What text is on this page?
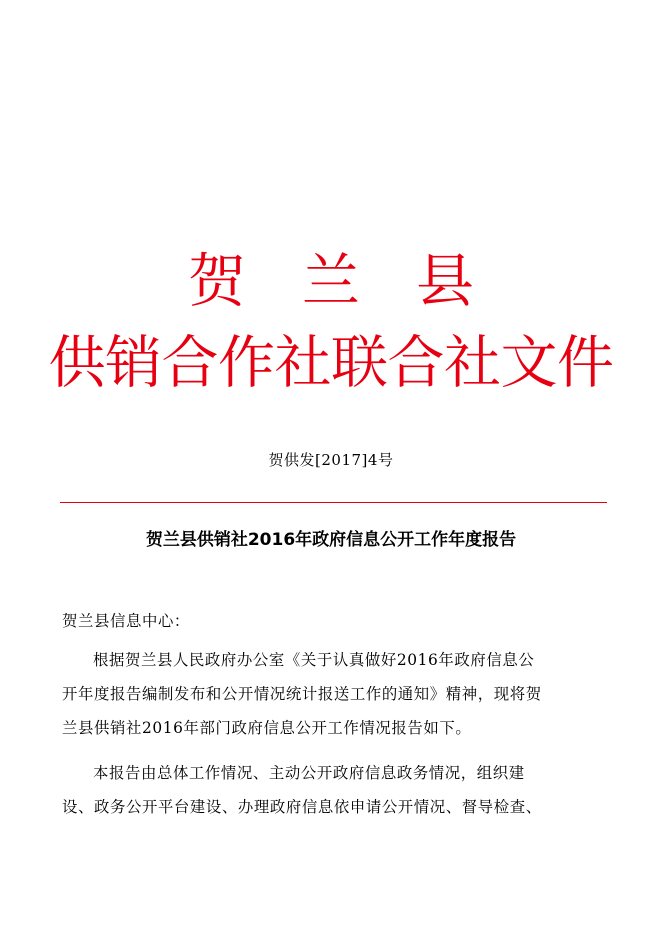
贺兰县
供销合作社联合社文件
贺供发[2017]4号
贺兰县供销社2016年政府信息公开工作年度报告
贺兰县信息中心：
根据贺兰县人民政府办公室《关于认真做好2016年政府信息公
开年度报告编制发布和公开情况统计报送工作的通知》精神，现将贺
兰县供销社2016年部门政府信息公开工作情况报告如下。
本报告由总体工作情况、主动公开政府信息政务情况，组织建
设、政务公开平台建设、办理政府信息依申请公开情况、督导检查、
